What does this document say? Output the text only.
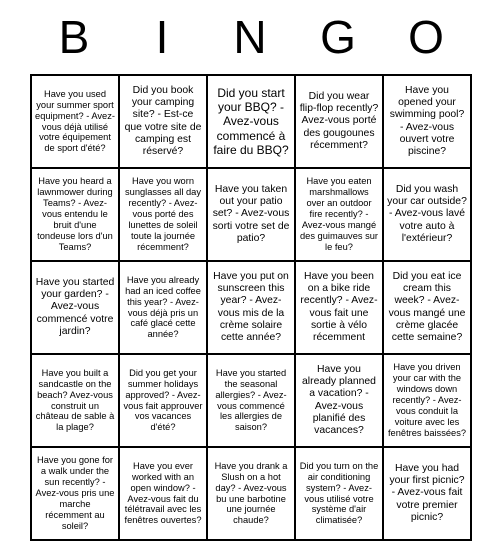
B	I	N	G	O
Have you used your summer sport equipment? - Avez-vous déjà utilisé votre équipement de sport d'été?
Did you book your camping site? - Est-ce que votre site de camping est réservé?
Did you start your BBQ? - Avez-vous commencé à faire du BBQ?
Did you wear flip-flop recently? Avez-vous porté des gougounes récemment?
Have you opened your swimming pool? - Avez-vous ouvert votre piscine?
Have you heard a lawnmower during Teams? - Avez-vous entendu le bruit d'une tondeuse lors d'un Teams?
Have you worn sunglasses all day recently? - Avez-vous porté des lunettes de soleil toute la journée récemment?
Have you taken out your patio set? - Avez-vous sorti votre set de patio?
Have you eaten marshmallows over an outdoor fire recently? - Avez-vous mangé des guimauves sur le feu?
Did you wash your car outside? - Avez-vous lavé votre auto à l'extérieur?
Have you started your garden? - Avez-vous commencé votre jardin?
Have you already had an iced coffee this year? - Avez-vous déjà pris un café glacé cette année?
Have you put on sunscreen this year? - Avez-vous mis de la crème solaire cette année?
Have you been on a bike ride recently? - Avez-vous fait une sortie à vélo récemment
Did you eat ice cream this week? - Avez-vous mangé une crème glacée cette semaine?
Have you built a sandcastle on the beach? Avez-vous construit un château de sable à la plage?
Did you get your summer holidays approved? - Avez-vous fait approuver vos vacances d'été?
Have you started the seasonal allergies? - Avez-vous commencé les allergies de saison?
Have you already planned a vacation? - Avez-vous planifié des vacances?
Have you driven your car with the windows down recently? - Avez-vous conduit la voiture avec les fenêtres baissées?
Have you gone for a walk under the sun recently? - Avez-vous pris une marche récemment au soleil?
Have you ever worked with an open window? - Avez-vous fait du télétravail avec les fenêtres ouvertes?
Have you drank a Slush on a hot day? - Avez-vous bu une barbotine une journée chaude?
Did you turn on the air conditioning system? - Avez-vous utilisé votre système d'air climatisée?
Have you had your first picnic? - Avez-vous fait votre premier picnic?
